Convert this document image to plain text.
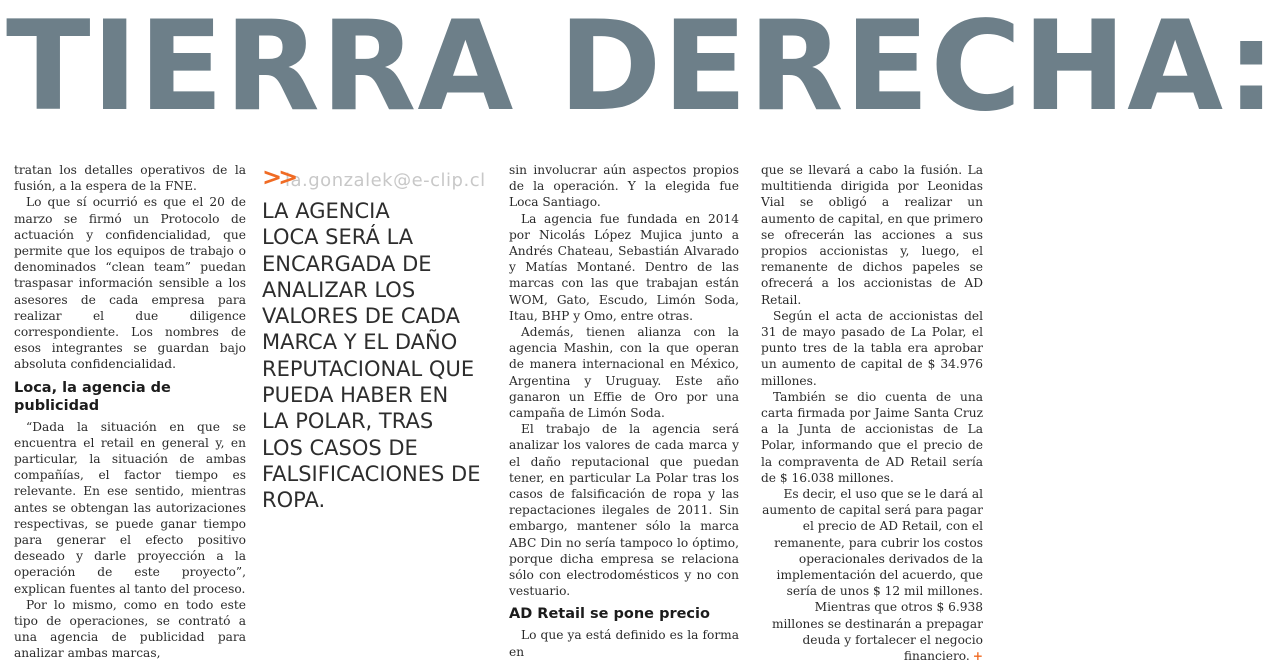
TIERRA DERECHA:
la.gonzalek@e-clip.cl

tratan los detalles operativos de la fusión, a la espera de la FNE.

Lo que sí ocurrió es que el 20 de marzo se firmó un Protocolo de actuación y confidencialidad, que permite que los equipos de trabajo o denominados “clean team” puedan traspasar información sensible a los asesores de cada empresa para realizar el due diligence correspondiente. Los nombres de esos integrantes se guardan bajo absoluta confidencialidad.

Loca, la agencia de publicidad

“Dada la situación en que se encuentra el retail en general y, en particular, la situación de ambas compañías, el factor tiempo es relevante. En ese sentido, mientras antes se obtengan las autorizaciones respectivas, se puede ganar tiempo para generar el efecto positivo deseado y darle proyección a la operación de este proyecto”, explican fuentes al tanto del proceso.

Por lo mismo, como en todo este tipo de operaciones, se contrató a una agencia de publicidad para analizar ambas marcas,

>>
LA AGENCIA
LOCA SERÁ LA
ENCARGADA DE
ANALIZAR LOS
VALORES DE CADA
MARCA Y EL DAÑO
REPUTACIONAL QUE
PUEDA HABER EN
LA POLAR, TRAS
LOS CASOS DE
FALSIFICACIONES DE
ROPA.

sin involucrar aún aspectos propios de la operación. Y la elegida fue Loca Santiago.

La agencia fue fundada en 2014 por Nicolás López Mujica junto a Andrés Chateau, Sebastián Alvarado y Matías Montané. Dentro de las marcas con las que trabajan están WOM, Gato, Escudo, Limón Soda, Itau, BHP y Omo, entre otras.

Además, tienen alianza con la agencia Mashin, con la que operan de manera internacional en México, Argentina y Uruguay. Este año ganaron un Effie de Oro por una campaña de Limón Soda.

El trabajo de la agencia será analizar los valores de cada marca y el daño reputacional que puedan tener, en particular La Polar tras los casos de falsificación de ropa y las repactaciones ilegales de 2011. Sin embargo, mantener sólo la marca ABC Din no sería tampoco lo óptimo, porque dicha empresa se relaciona sólo con electrodomésticos y no con vestuario.

AD Retail se pone precio

Lo que ya está definido es la forma en

que se llevará a cabo la fusión. La multitienda dirigida por Leonidas Vial se obligó a realizar un aumento de capital, en que primero se ofrecerán las acciones a sus propios accionistas y, luego, el remanente de dichos papeles se ofrecerá a los accionistas de AD Retail.

Según el acta de accionistas del 31 de mayo pasado de La Polar, el punto tres de la tabla era aprobar un aumento de capital de $ 34.976 millones.

También se dio cuenta de una carta firmada por Jaime Santa Cruz a la Junta de accionistas de La Polar, informando que el precio de la compraventa de AD Retail sería de $ 16.038 millones.

Es decir, el uso que se le dará al aumento de capital será para pagar el precio de AD Retail, con el remanente, para cubrir los costos operacionales derivados de la implementación del acuerdo, que sería de unos $ 12 mil millones. Mientras que otros $ 6.938 millones se destinarán a prepagar deuda y fortalecer el negocio financiero. +
